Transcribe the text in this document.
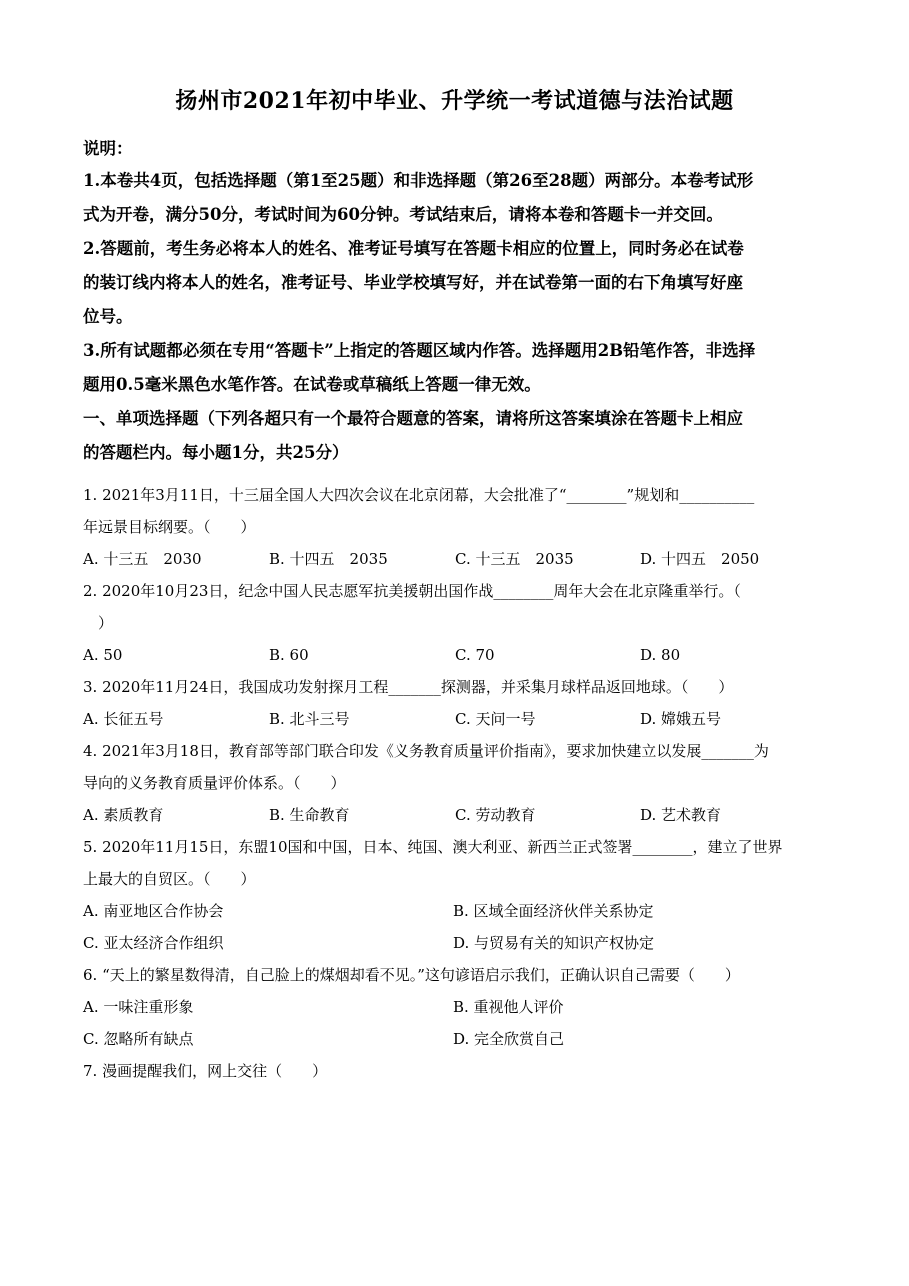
扬州市2021年初中毕业、升学统一考试道德与法治试题
说明：
1.本卷共4页，包括选择题（第1至25题）和非选择题（第26至28题）两部分。本卷考试形
式为开卷，满分50分，考试时间为60分钟。考试结束后，请将本卷和答题卡一并交回。
2.答题前，考生务必将本人的姓名、准考证号填写在答题卡相应的位置上，同时务必在试卷
的装订线内将本人的姓名，准考证号、毕业学校填写好，并在试卷第一面的右下角填写好座
位号。
3.所有试题都必须在专用“答题卡”上指定的答题区域内作答。选择题用2B铅笔作答，非选择
题用0.5毫米黑色水笔作答。在试卷或草稿纸上答题一律无效。
一、单项选择题（下列各超只有一个最符合题意的答案，请将所这答案填涂在答题卡上相应
的答题栏内。每小题1分，共25分）
1. 2021年3月11日，十三届全国人大四次会议在北京闭幕，大会批准了“________”规划和__________
年远景目标纲要。（　　）
A. 十三五　2030	B. 十四五　2035	C. 十三五　2035	D. 十四五　2050
2. 2020年10月23日，纪念中国人民志愿军抗美援朝出国作战________周年大会在北京隆重举行。（
　）
A. 50	B. 60	C. 70	D. 80
3. 2020年11月24日，我国成功发射探月工程_______探测器，并采集月球样品返回地球。（　　）
A. 长征五号	B. 北斗三号	C. 天问一号	D. 嫦娥五号
4. 2021年3月18日，教育部等部门联合印发《义务教育质量评价指南》，要求加快建立以发展_______为
导向的义务教育质量评价体系。（　　）
A. 素质教育	B. 生命教育	C. 劳动教育	D. 艺术教育
5. 2020年11月15日，东盟10国和中国，日本、纯国、澳大利亚、新西兰正式签署________，建立了世界
上最大的自贸区。（　　）
A. 南亚地区合作协会	B. 区域全面经济伙伴关系协定
C. 亚太经济合作组织	D. 与贸易有关的知识产权协定
6. “天上的繁星数得清，自己脸上的煤烟却看不见。”这句谚语启示我们，正确认识自己需要（　　）
A. 一味注重形象	B. 重视他人评价
C. 忽略所有缺点	D. 完全欣赏自己
7. 漫画提醒我们，网上交往（　　）
